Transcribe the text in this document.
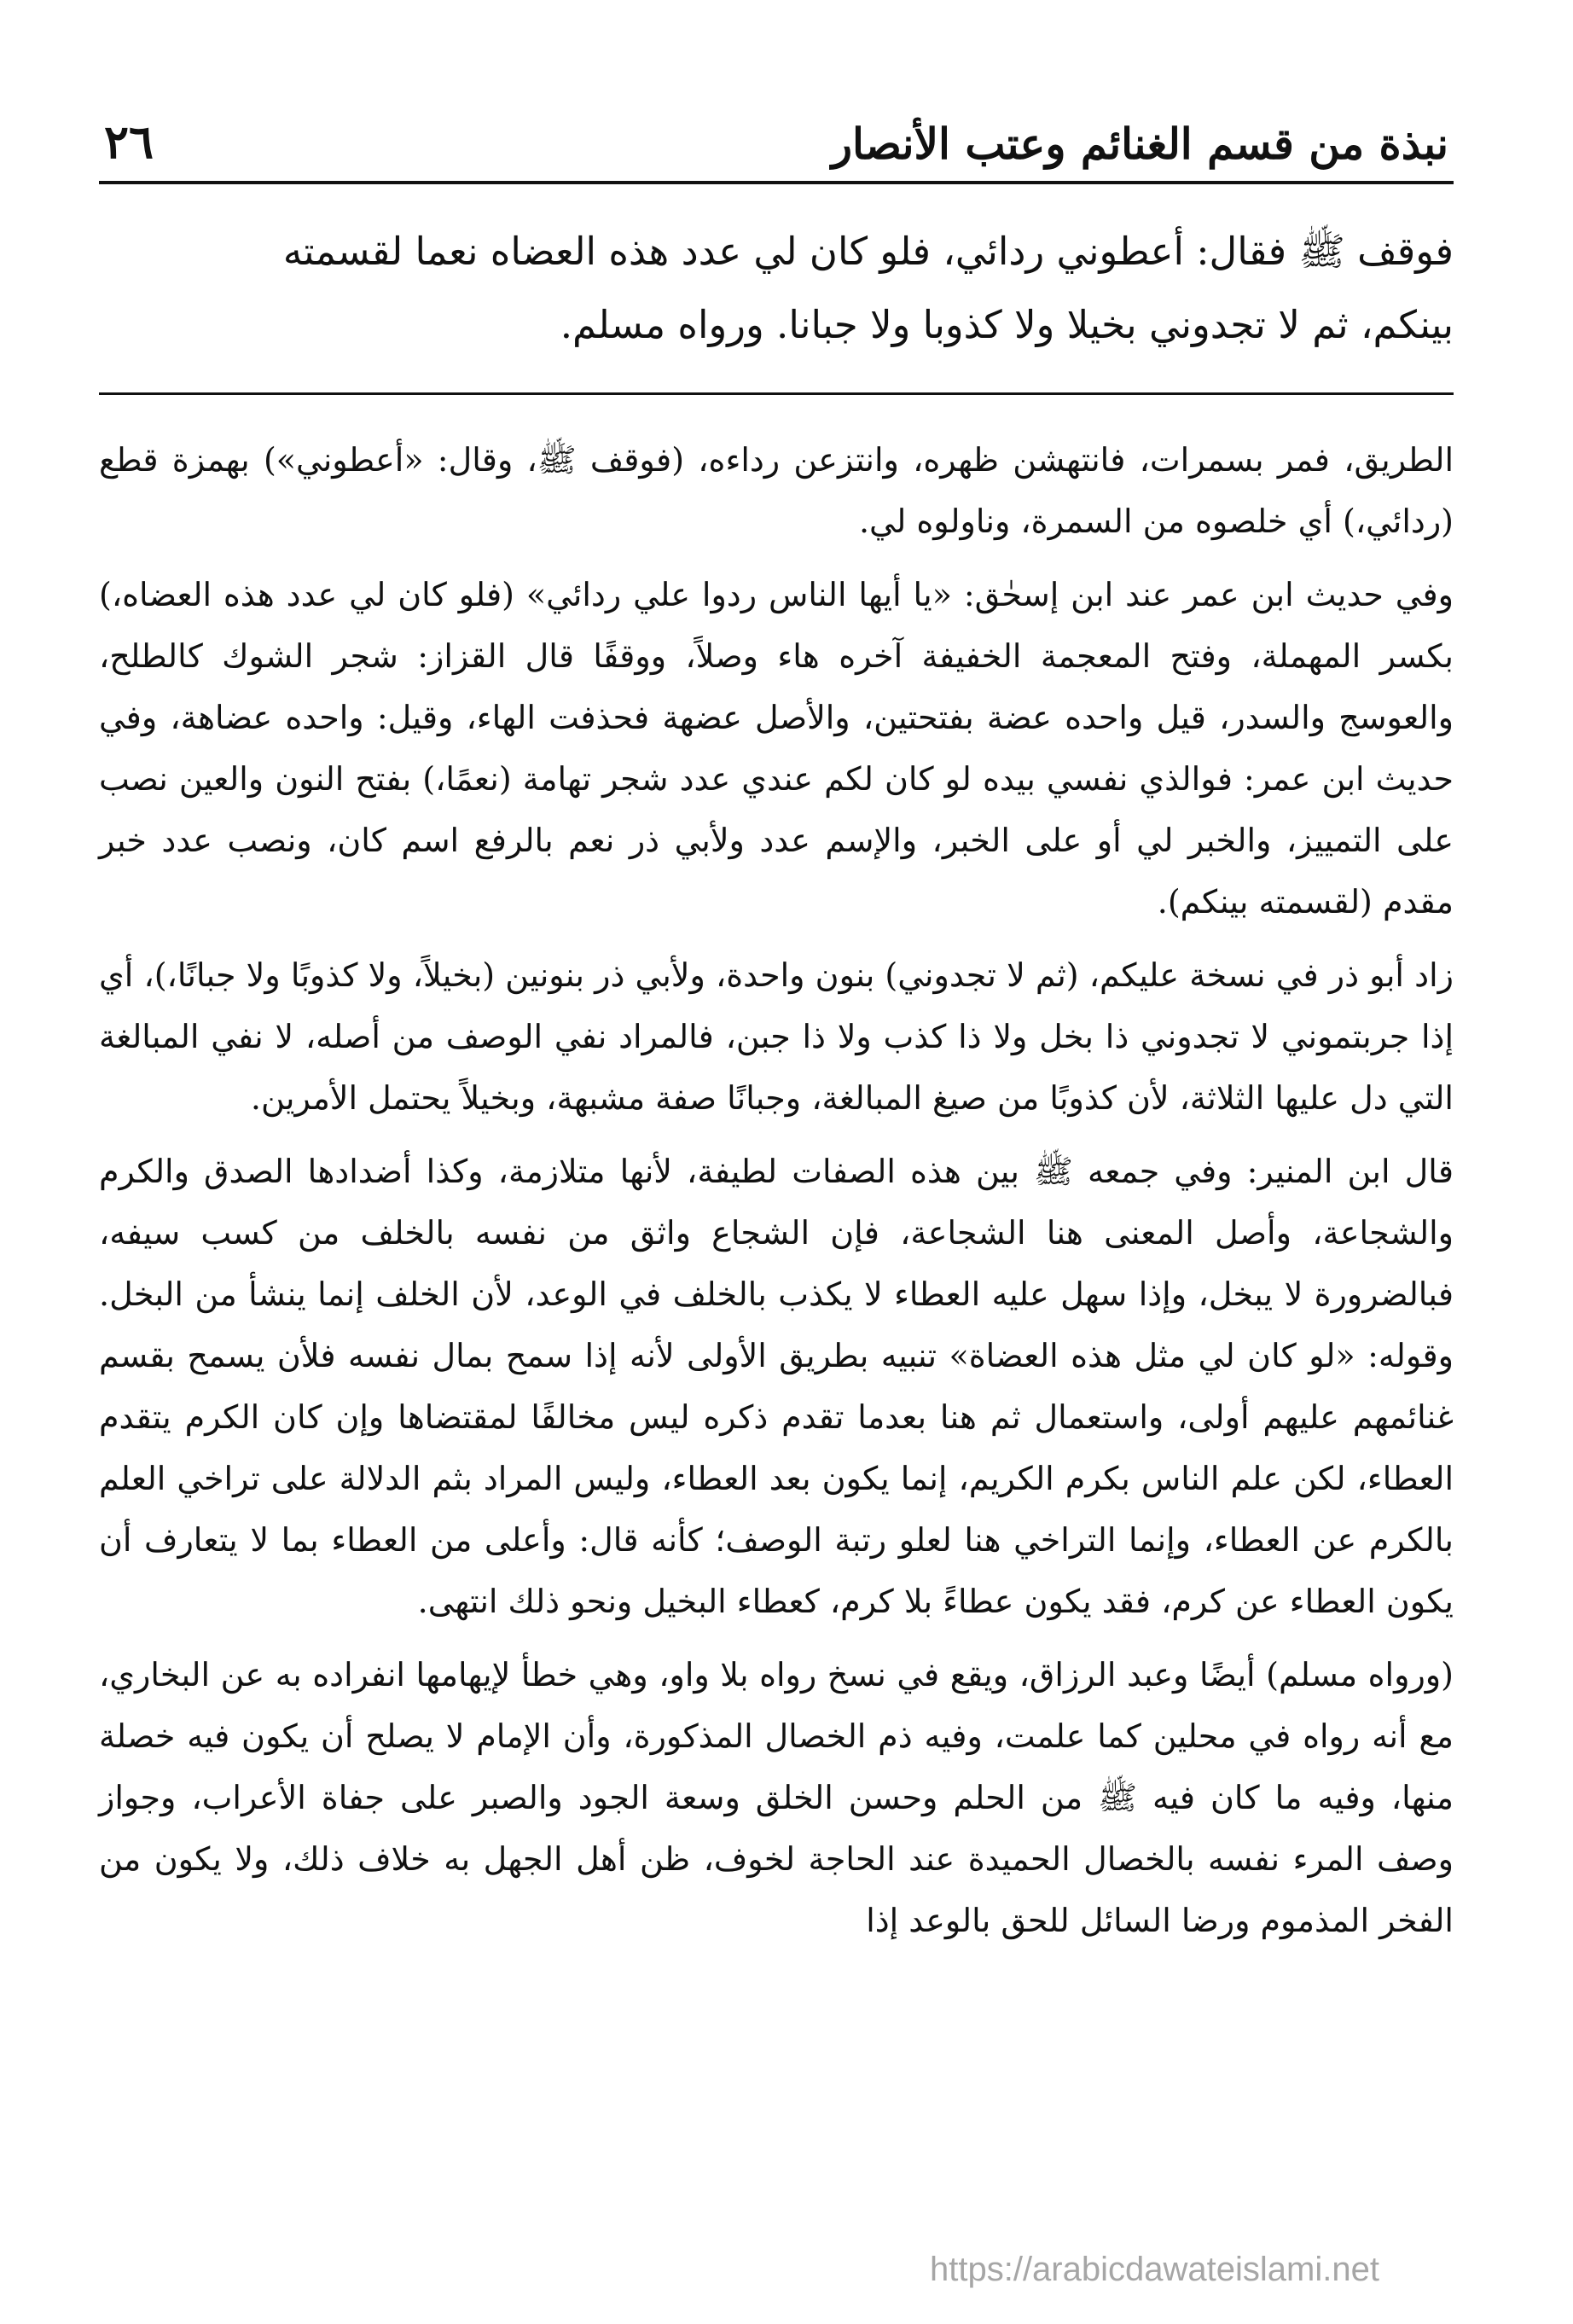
نبذة من قسم الغنائم وعتب الأنصار
٢٦

فوقف ﷺ فقال: أعطوني ردائي، فلو كان لي عدد هذه العضاه نعما لقسمته

بينكم، ثم لا تجدوني بخيلا ولا كذوبا ولا جبانا. ورواه مسلم.

الطريق، فمر بسمرات، فانتهشن ظهره، وانتزعن رداءه، (فوقف ﷺ، وقال: «أعطوني») بهمزة قطع (ردائي،) أي خلصوه من السمرة، وناولوه لي.

وفي حديث ابن عمر عند ابن إسحٰق: «يا أيها الناس ردوا علي ردائي» (فلو كان لي عدد هذه العضاه،) بكسر المهملة، وفتح المعجمة الخفيفة آخره هاء وصلاً، ووقفًا قال القزاز: شجر الشوك كالطلح، والعوسج والسدر، قيل واحده عضة بفتحتين، والأصل عضهة فحذفت الهاء، وقيل: واحده عضاهة، وفي حديث ابن عمر: فوالذي نفسي بيده لو كان لكم عندي عدد شجر تهامة (نعمًا،) بفتح النون والعين نصب على التمييز، والخبر لي أو على الخبر، والإسم عدد ولأبي ذر نعم بالرفع اسم كان، ونصب عدد خبر مقدم (لقسمته بينكم).

زاد أبو ذر في نسخة عليكم، (ثم لا تجدوني) بنون واحدة، ولأبي ذر بنونين (بخيلاً، ولا كذوبًا ولا جبانًا،)، أي إذا جربتموني لا تجدوني ذا بخل ولا ذا كذب ولا ذا جبن، فالمراد نفي الوصف من أصله، لا نفي المبالغة التي دل عليها الثلاثة، لأن كذوبًا من صيغ المبالغة، وجبانًا صفة مشبهة، وبخيلاً يحتمل الأمرين.

قال ابن المنير: وفي جمعه ﷺ بين هذه الصفات لطيفة، لأنها متلازمة، وكذا أضدادها الصدق والكرم والشجاعة، وأصل المعنى هنا الشجاعة، فإن الشجاع واثق من نفسه بالخلف من كسب سيفه، فبالضرورة لا يبخل، وإذا سهل عليه العطاء لا يكذب بالخلف في الوعد، لأن الخلف إنما ينشأ من البخل. وقوله: «لو كان لي مثل هذه العضاة» تنبيه بطريق الأولى لأنه إذا سمح بمال نفسه فلأن يسمح بقسم غنائمهم عليهم أولى، واستعمال ثم هنا بعدما تقدم ذكره ليس مخالفًا لمقتضاها وإن كان الكرم يتقدم العطاء، لكن علم الناس بكرم الكريم، إنما يكون بعد العطاء، وليس المراد بثم الدلالة على تراخي العلم بالكرم عن العطاء، وإنما التراخي هنا لعلو رتبة الوصف؛ كأنه قال: وأعلى من العطاء بما لا يتعارف أن يكون العطاء عن كرم، فقد يكون عطاءً بلا كرم، كعطاء البخيل ونحو ذلك انتهى.

(ورواه مسلم) أيضًا وعبد الرزاق، ويقع في نسخ رواه بلا واو، وهي خطأ لإيهامها انفراده به عن البخاري، مع أنه رواه في محلين كما علمت، وفيه ذم الخصال المذكورة، وأن الإمام لا يصلح أن يكون فيه خصلة منها، وفيه ما كان فيه ﷺ من الحلم وحسن الخلق وسعة الجود والصبر على جفاة الأعراب، وجواز وصف المرء نفسه بالخصال الحميدة عند الحاجة لخوف، ظن أهل الجهل به خلاف ذلك، ولا يكون من الفخر المذموم ورضا السائل للحق بالوعد إذا

https://arabicdawateislami.net
